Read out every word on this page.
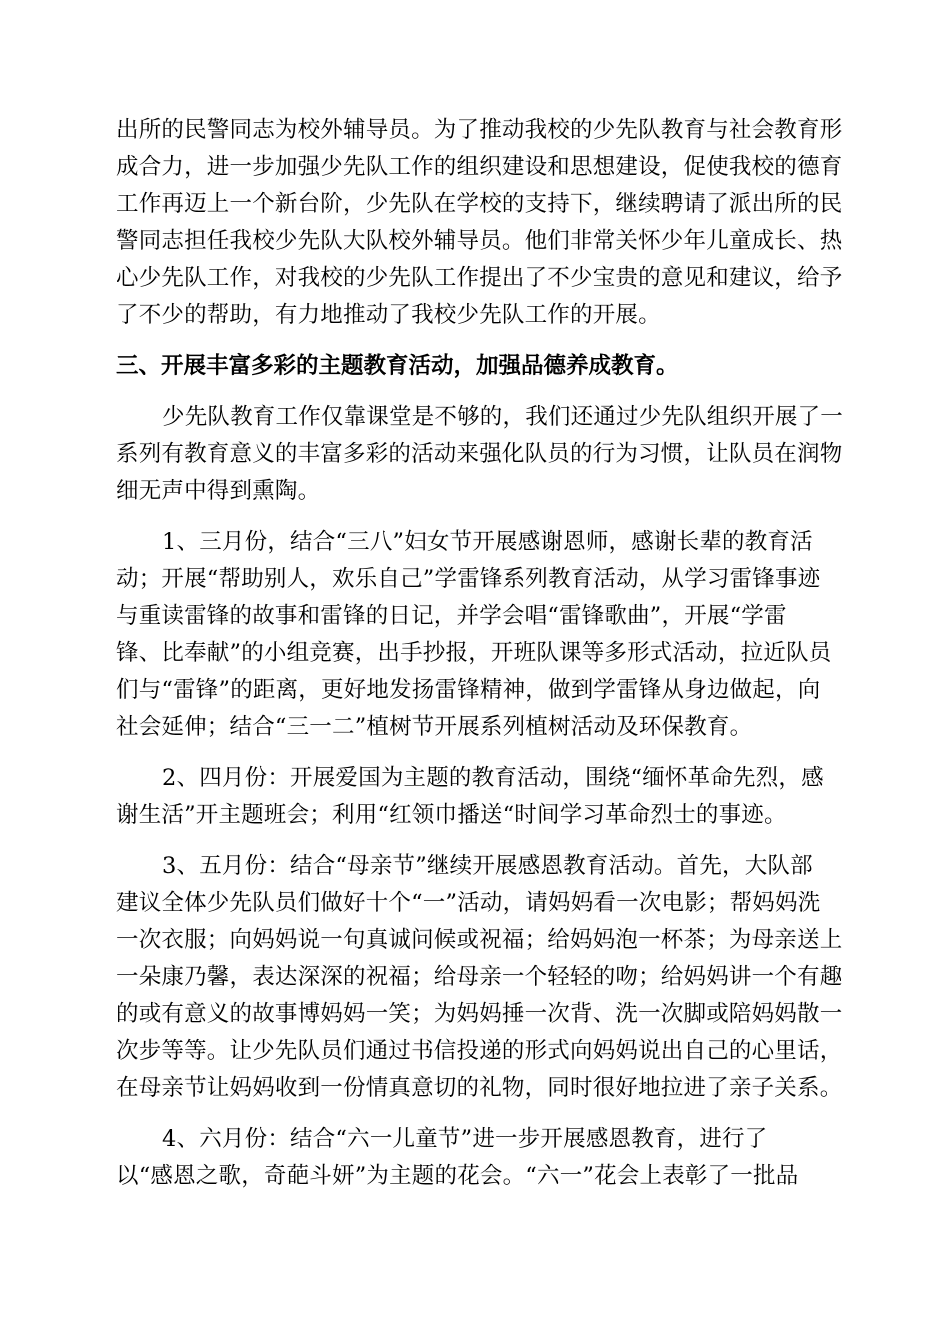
出所的民警同志为校外辅导员。为了推动我校的少先队教育与社会教育形
成合力，进一步加强少先队工作的组织建设和思想建设，促使我校的德育
工作再迈上一个新台阶，少先队在学校的支持下，继续聘请了派出所的民
警同志担任我校少先队大队校外辅导员。他们非常关怀少年儿童成长、热
心少先队工作，对我校的少先队工作提出了不少宝贵的意见和建议，给予
了不少的帮助，有力地推动了我校少先队工作的开展。
三、开展丰富多彩的主题教育活动，加强品德养成教育。
少先队教育工作仅靠课堂是不够的，我们还通过少先队组织开展了一
系列有教育意义的丰富多彩的活动来强化队员的行为习惯，让队员在润物
细无声中得到熏陶。
1、三月份，结合“三八”妇女节开展感谢恩师，感谢长辈的教育活
动；开展“帮助别人，欢乐自己”学雷锋系列教育活动，从学习雷锋事迹
与重读雷锋的故事和雷锋的日记，并学会唱“雷锋歌曲”，开展“学雷
锋、比奉献”的小组竞赛，出手抄报，开班队课等多形式活动，拉近队员
们与“雷锋”的距离，更好地发扬雷锋精神，做到学雷锋从身边做起，向
社会延伸；结合“三一二”植树节开展系列植树活动及环保教育。
2、四月份：开展爱国为主题的教育活动，围绕“缅怀革命先烈，感
谢生活”开主题班会；利用“红领巾播送“时间学习革命烈士的事迹。
3、五月份：结合“母亲节”继续开展感恩教育活动。首先，大队部
建议全体少先队员们做好十个“一”活动，请妈妈看一次电影；帮妈妈洗
一次衣服；向妈妈说一句真诚问候或祝福；给妈妈泡一杯茶；为母亲送上
一朵康乃馨，表达深深的祝福；给母亲一个轻轻的吻；给妈妈讲一个有趣
的或有意义的故事博妈妈一笑；为妈妈捶一次背、洗一次脚或陪妈妈散一
次步等等。让少先队员们通过书信投递的形式向妈妈说出自己的心里话，
在母亲节让妈妈收到一份情真意切的礼物，同时很好地拉进了亲子关系。
4、六月份：结合“六一儿童节”进一步开展感恩教育，进行了
以“感恩之歌，奇葩斗妍”为主题的花会。“六一”花会上表彰了一批品
